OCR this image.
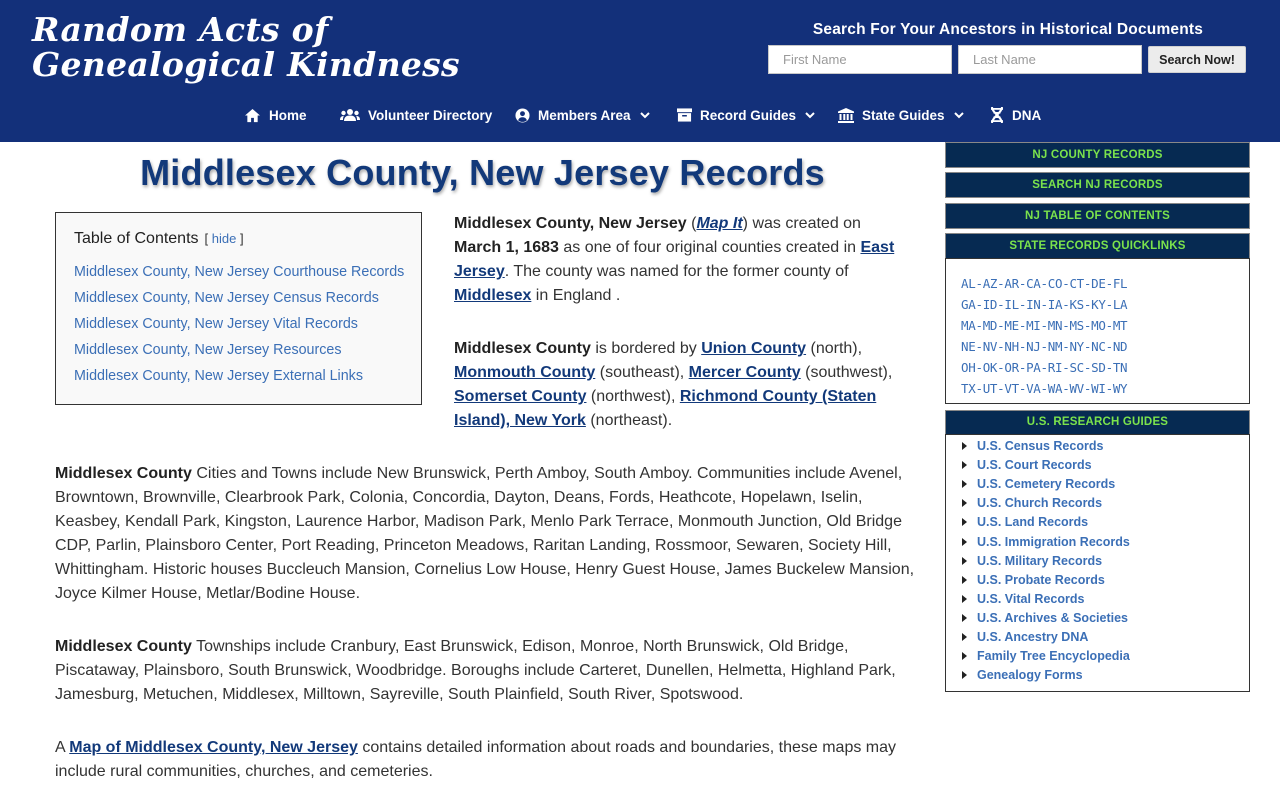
Random Acts of
Genealogical Kindness
Search For Your Ancestors in Historical Documents
First Name
Last Name
Search Now!
Home	Volunteer Directory	Members Area	Record Guides	State Guides	DNA
Middlesex County, New Jersey Records
Table of Contents [ hide ]
Middlesex County, New Jersey Courthouse Records
Middlesex County, New Jersey Census Records
Middlesex County, New Jersey Vital Records
Middlesex County, New Jersey Resources
Middlesex County, New Jersey External Links

Middlesex County, New Jersey (Map It) was created on March 1, 1683 as one of four original counties created in East Jersey. The county was named for the former county of Middlesex in England .

Middlesex County is bordered by Union County (north), Monmouth County (southeast), Mercer County (southwest), Somerset County (northwest), Richmond County (Staten Island), New York (northeast).

Middlesex County Cities and Towns include New Brunswick, Perth Amboy, South Amboy. Communities include Avenel, Browntown, Brownville, Clearbrook Park, Colonia, Concordia, Dayton, Deans, Fords, Heathcote, Hopelawn, Iselin, Keasbey, Kendall Park, Kingston, Laurence Harbor, Madison Park, Menlo Park Terrace, Monmouth Junction, Old Bridge CDP, Parlin, Plainsboro Center, Port Reading, Princeton Meadows, Raritan Landing, Rossmoor, Sewaren, Society Hill, Whittingham. Historic houses Buccleuch Mansion, Cornelius Low House, Henry Guest House, James Buckelew Mansion, Joyce Kilmer House, Metlar/Bodine House.

Middlesex County Townships include Cranbury, East Brunswick, Edison, Monroe, North Brunswick, Old Bridge, Piscataway, Plainsboro, South Brunswick, Woodbridge. Boroughs include Carteret, Dunellen, Helmetta, Highland Park, Jamesburg, Metuchen, Middlesex, Milltown, Sayreville, South Plainfield, South River, Spotswood.

A Map of Middlesex County, New Jersey contains detailed information about roads and boundaries, these maps may include rural communities, churches, and cemeteries.

NJ COUNTY RECORDS
SEARCH NJ RECORDS
NJ TABLE OF CONTENTS
STATE RECORDS QUICKLINKS
AL-AZ-AR-CA-CO-CT-DE-FL
GA-ID-IL-IN-IA-KS-KY-LA
MA-MD-ME-MI-MN-MS-MO-MT
NE-NV-NH-NJ-NM-NY-NC-ND
OH-OK-OR-PA-RI-SC-SD-TN
TX-UT-VT-VA-WA-WV-WI-WY
U.S. RESEARCH GUIDES
U.S. Census Records
U.S. Court Records
U.S. Cemetery Records
U.S. Church Records
U.S. Land Records
U.S. Immigration Records
U.S. Military Records
U.S. Probate Records
U.S. Vital Records
U.S. Archives & Societies
U.S. Ancestry DNA
Family Tree Encyclopedia
Genealogy Forms
